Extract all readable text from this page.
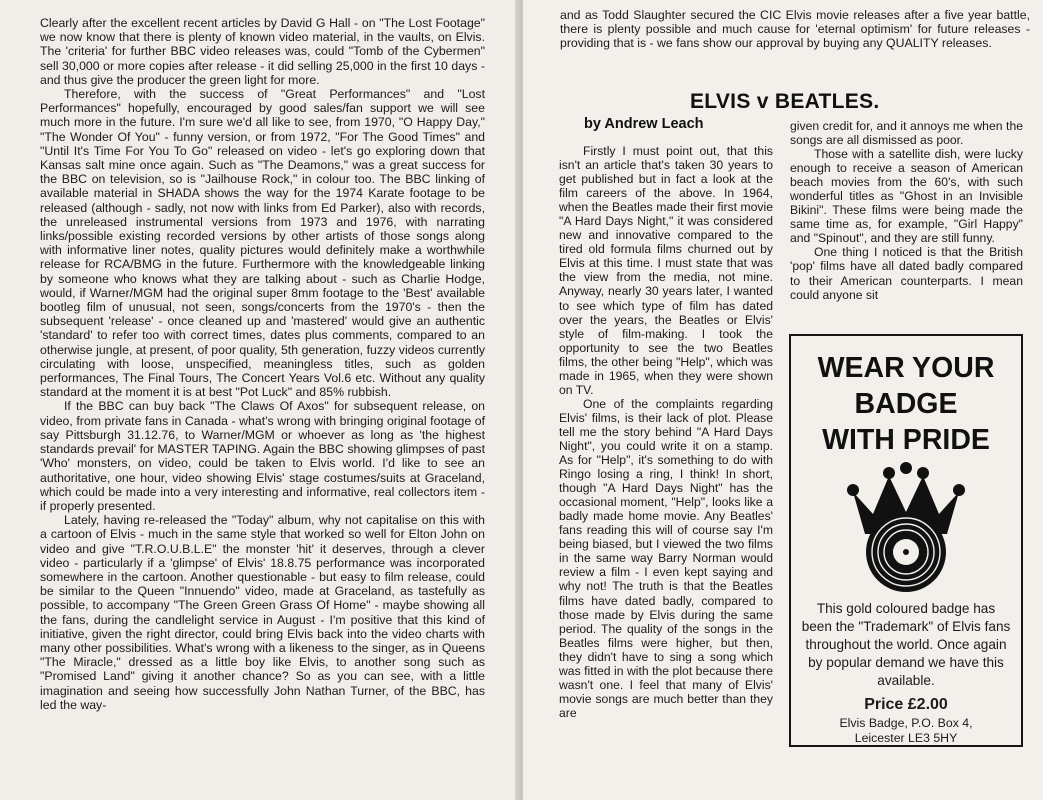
Clearly after the excellent recent articles by David G Hall - on "The Lost Footage" we now know that there is plenty of known video material, in the vaults, on Elvis. The 'criteria' for further BBC video releases was, could "Tomb of the Cybermen" sell 30,000 or more copies after release - it did selling 25,000 in the first 10 days - and thus give the producer the green light for more.

Therefore, with the success of "Great Performances" and "Lost Performances" hopefully, encouraged by good sales/fan support we will see much more in the future. I'm sure we'd all like to see, from 1970, "O Happy Day," "The Wonder Of You" - funny version, or from 1972, "For The Good Times" and "Until It's Time For You To Go" released on video - let's go exploring down that Kansas salt mine once again. Such as "The Deamons," was a great success for the BBC on television, so is "Jailhouse Rock," in colour too. The BBC linking of available material in SHADA shows the way for the 1974 Karate footage to be released (although - sadly, not now with links from Ed Parker), also with records, the unreleased instrumental versions from 1973 and 1976, with narrating links/possible existing recorded versions by other artists of those songs along with informative liner notes, quality pictures would definitely make a worthwhile release for RCA/BMG in the future. Furthermore with the knowledgeable linking by someone who knows what they are talking about - such as Charlie Hodge, would, if Warner/MGM had the original super 8mm footage to the 'Best' available bootleg film of unusual, not seen, songs/concerts from the 1970's - then the subsequent 'release' - once cleaned up and 'mastered' would give an authentic 'standard' to refer too with correct times, dates plus comments, compared to an otherwise jungle, at present, of poor quality, 5th generation, fuzzy videos currently circulating with loose, unspecified, meaningless titles, such as golden performances, The Final Tours, The Concert Years Vol.6 etc. Without any quality standard at the moment it is at best "Pot Luck" and 85% rubbish.

If the BBC can buy back "The Claws Of Axos" for subsequent release, on video, from private fans in Canada - what's wrong with bringing original footage of say Pittsburgh 31.12.76, to Warner/MGM or whoever as long as 'the highest standards prevail' for MASTER TAPING. Again the BBC showing glimpses of past 'Who' monsters, on video, could be taken to Elvis world. I'd like to see an authoritative, one hour, video showing Elvis' stage costumes/suits at Graceland, which could be made into a very interesting and informative, real collectors item - if properly presented.

Lately, having re-released the "Today" album, why not capitalise on this with a cartoon of Elvis - much in the same style that worked so well for Elton John on video and give "T.R.O.U.B.L.E" the monster 'hit' it deserves, through a clever video - particularly if a 'glimpse' of Elvis' 18.8.75 performance was incorporated somewhere in the cartoon. Another questionable - but easy to film release, could be similar to the Queen "Innuendo" video, made at Graceland, as tastefully as possible, to accompany "The Green Green Grass Of Home" - maybe showing all the fans, during the candlelight service in August - I'm positive that this kind of initiative, given the right director, could bring Elvis back into the video charts with many other possibilities. What's wrong with a likeness to the singer, as in Queens "The Miracle," dressed as a little boy like Elvis, to another song such as "Promised Land" giving it another chance? So as you can see, with a little imagination and seeing how successfully John Nathan Turner, of the BBC, has led the way-

and as Todd Slaughter secured the CIC Elvis movie releases after a five year battle, there is plenty possible and much cause for 'eternal optimism' for future releases - providing that is - we fans show our approval by buying any QUALITY releases.

ELVIS v BEATLES.
by Andrew Leach

Firstly I must point out, that this isn't an article that's taken 30 years to get published but in fact a look at the film careers of the above. In 1964, when the Beatles made their first movie "A Hard Days Night," it was considered new and innovative compared to the tired old formula films churned out by Elvis at this time. I must state that was the view from the media, not mine. Anyway, nearly 30 years later, I wanted to see which type of film has dated over the years, the Beatles or Elvis' style of film-making. I took the opportunity to see the two Beatles films, the other being "Help", which was made in 1965, when they were shown on TV.

One of the complaints regarding Elvis' films, is their lack of plot. Please tell me the story behind "A Hard Days Night", you could write it on a stamp. As for "Help", it's something to do with Ringo losing a ring, I think! In short, though "A Hard Days Night" has the occasional moment, "Help", looks like a badly made home movie. Any Beatles' fans reading this will of course say I'm being biased, but I viewed the two films in the same way Barry Norman would review a film - I even kept saying and why not! The truth is that the Beatles films have dated badly, compared to those made by Elvis during the same period. The quality of the songs in the Beatles films were higher, but then, they didn't have to sing a song which was fitted in with the plot because there wasn't one. I feel that many of Elvis' movie songs are much better than they are

given credit for, and it annoys me when the songs are all dismissed as poor.

Those with a satellite dish, were lucky enough to receive a season of American beach movies from the 60's, with such wonderful titles as "Ghost in an Invisible Bikini". These films were being made the same time as, for example, "Girl Happy" and "Spinout", and they are still funny.

One thing I noticed is that the British 'pop' films have all dated badly compared to their American counterparts. I mean could anyone sit

WEAR YOUR
BADGE
WITH PRIDE

This gold coloured badge has been the "Trademark" of Elvis fans throughout the world. Once again by popular demand we have this available.

Price £2.00
Elvis Badge, P.O. Box 4,
Leicester LE3 5HY
